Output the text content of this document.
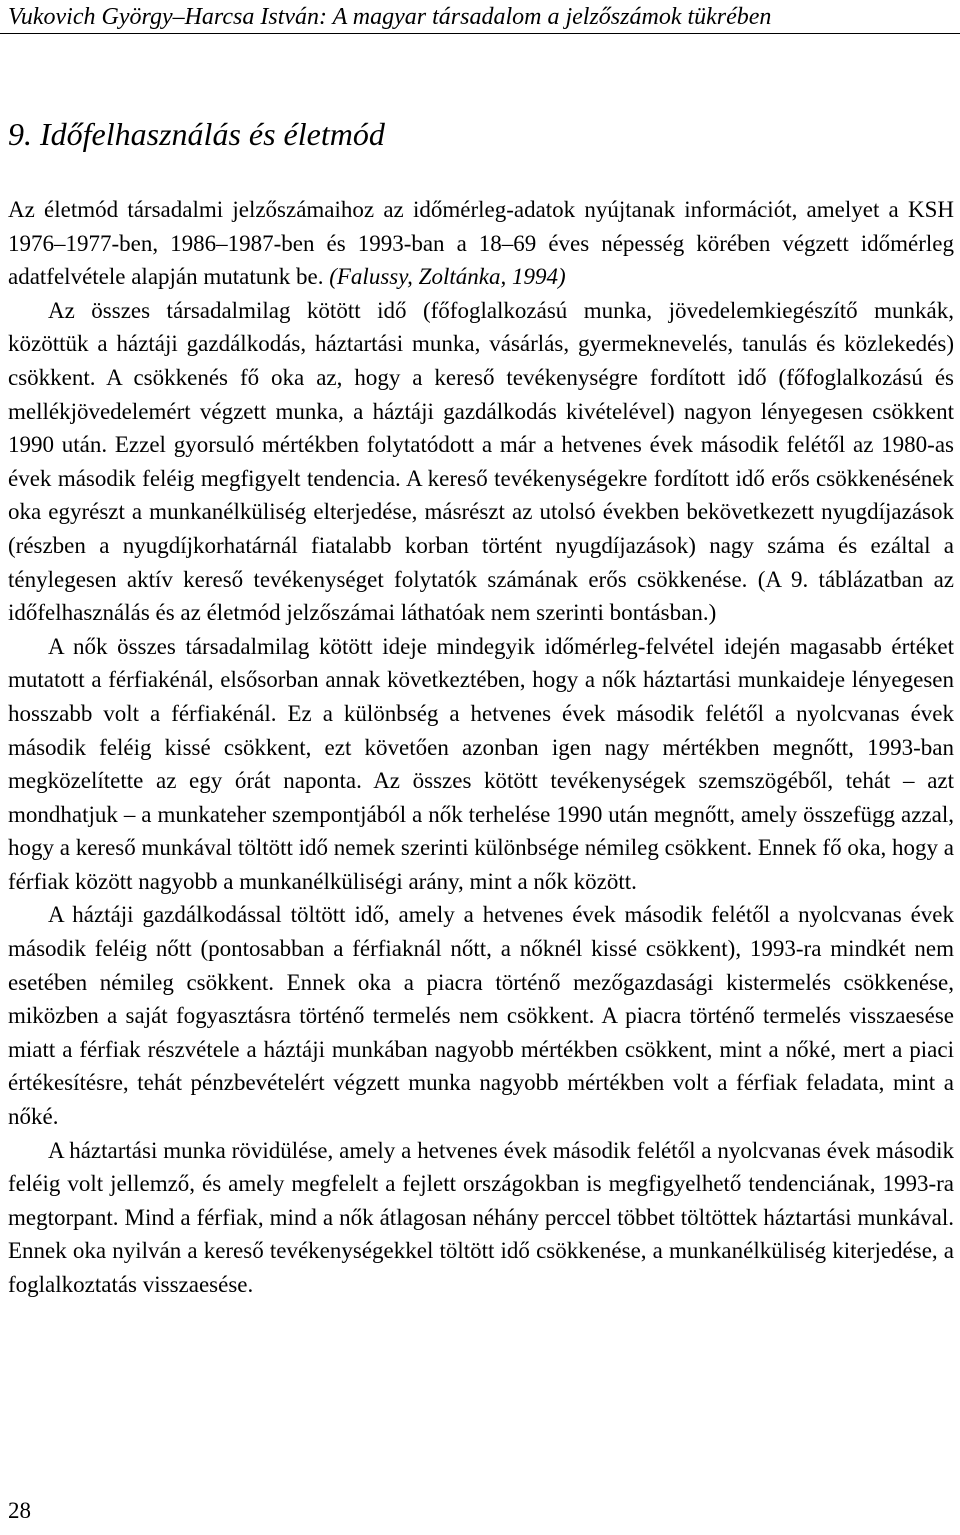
Vukovich György–Harcsa István: A magyar társadalom a jelzőszámok tükrében
9. Időfelhasználás és életmód

Az életmód társadalmi jelzőszámaihoz az időmérleg-adatok nyújtanak információt, amelyet a KSH 1976–1977-ben, 1986–1987-ben és 1993-ban a 18–69 éves népesség körében végzett időmérleg adatfelvétele alapján mutatunk be. (Falussy, Zoltánka, 1994)

Az összes társadalmilag kötött idő (főfoglalkozású munka, jövedelemkiegészítő munkák, közöttük a háztáji gazdálkodás, háztartási munka, vásárlás, gyermeknevelés, tanulás és közlekedés) csökkent. A csökkenés fő oka az, hogy a kereső tevékenységre fordított idő (főfoglalkozású és mellékjövedelemért végzett munka, a háztáji gazdálkodás kivételével) nagyon lényegesen csökkent 1990 után. Ezzel gyorsuló mértékben folytatódott a már a hetvenes évek második felétől az 1980-as évek második feléig megfigyelt tendencia. A kereső tevékenységekre fordított idő erős csökkenésének oka egyrészt a munkanélküliség elterjedése, másrészt az utolsó években bekövetkezett nyugdíjazások (részben a nyugdíjkorhatárnál fiatalabb korban történt nyugdíjazások) nagy száma és ezáltal a ténylegesen aktív kereső tevékenységet folytatók számának erős csökkenése. (A 9. táblázatban az időfelhasználás és az életmód jelzőszámai láthatóak nem szerinti bontásban.)

A nők összes társadalmilag kötött ideje mindegyik időmérleg-felvétel idején magasabb értéket mutatott a férfiakénál, elsősorban annak következtében, hogy a nők háztartási munkaideje lényegesen hosszabb volt a férfiakénál. Ez a különbség a hetvenes évek második felétől a nyolcvanas évek második feléig kissé csökkent, ezt követően azonban igen nagy mértékben megnőtt, 1993-ban megközelítette az egy órát naponta. Az összes kötött tevékenységek szemszögéből, tehát – azt mondhatjuk – a munkateher szempontjából a nők terhelése 1990 után megnőtt, amely összefügg azzal, hogy a kereső munkával töltött idő nemek szerinti különbsége némileg csökkent. Ennek fő oka, hogy a férfiak között nagyobb a munkanélküliségi arány, mint a nők között.

A háztáji gazdálkodással töltött idő, amely a hetvenes évek második felétől a nyolcvanas évek második feléig nőtt (pontosabban a férfiaknál nőtt, a nőknél kissé csökkent), 1993-ra mindkét nem esetében némileg csökkent. Ennek oka a piacra történő mezőgazdasági kistermelés csökkenése, miközben a saját fogyasztásra történő termelés nem csökkent. A piacra történő termelés visszaesése miatt a férfiak részvétele a háztáji munkában nagyobb mértékben csökkent, mint a nőké, mert a piaci értékesítésre, tehát pénzbevételért végzett munka nagyobb mértékben volt a férfiak feladata, mint a nőké.

A háztartási munka rövidülése, amely a hetvenes évek második felétől a nyolcvanas évek második feléig volt jellemző, és amely megfelelt a fejlett országokban is megfigyelhető tendenciának, 1993-ra megtorpant. Mind a férfiak, mind a nők átlagosan néhány perccel többet töltöttek háztartási munkával. Ennek oka nyilván a kereső tevékenységekkel töltött idő csökkenése, a munkanélküliség kiterjedése, a foglalkoztatás visszaesése.

28
